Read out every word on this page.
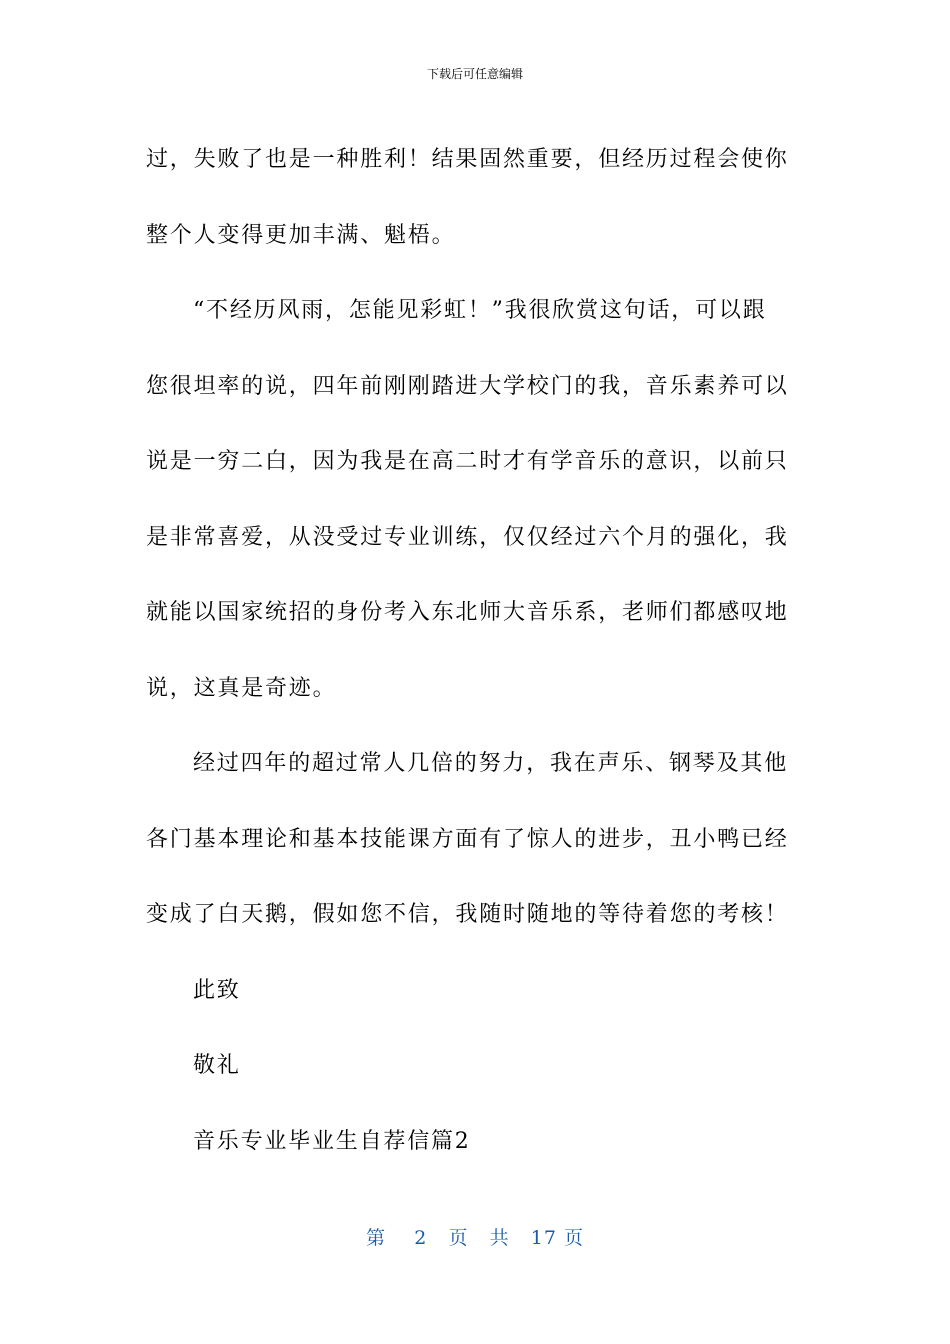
下载后可任意编辑
过，失败了也是一种胜利！结果固然重要，但经历过程会使你
整个人变得更加丰满、魁梧。
“不经历风雨，怎能见彩虹！”我很欣赏这句话，可以跟
您很坦率的说，四年前刚刚踏进大学校门的我，音乐素养可以
说是一穷二白，因为我是在高二时才有学音乐的意识，以前只
是非常喜爱，从没受过专业训练，仅仅经过六个月的强化，我
就能以国家统招的身份考入东北师大音乐系，老师们都感叹地
说，这真是奇迹。
经过四年的超过常人几倍的努力，我在声乐、钢琴及其他
各门基本理论和基本技能课方面有了惊人的进步，丑小鸭已经
变成了白天鹅，假如您不信，我随时随地的等待着您的考核！
此致
敬礼
音乐专业毕业生自荐信篇2
第 2 页 共 17 页
